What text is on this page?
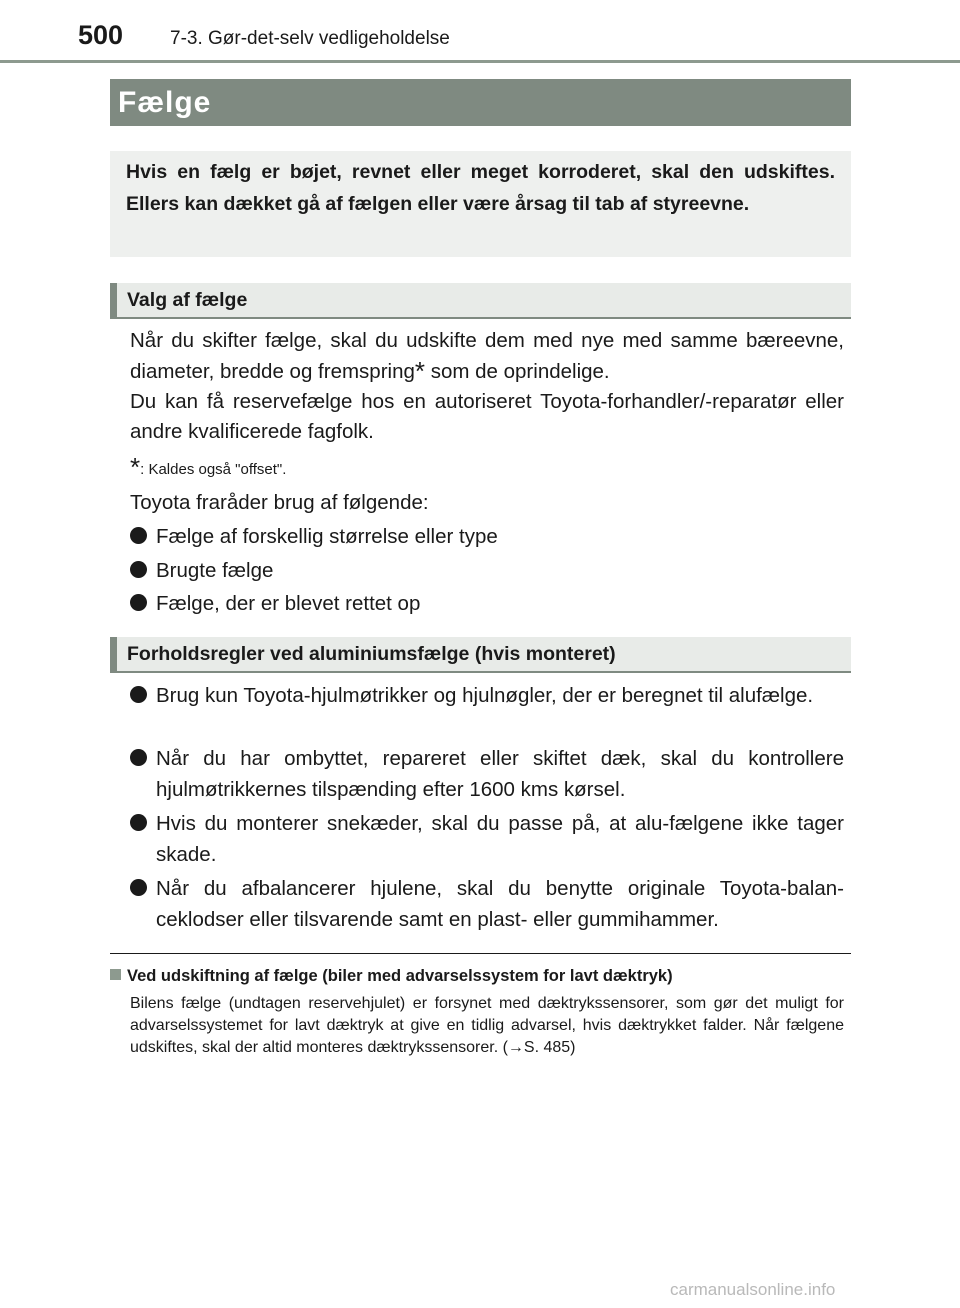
500 7-3. Gør-det-selv vedligeholdelse
Fælge
Hvis en fælg er bøjet, revnet eller meget korroderet, skal den udskiftes. Ellers kan dækket gå af fælgen eller være årsag til tab af styreevne.
Valg af fælge

Når du skifter fælge, skal du udskifte dem med nye med samme bæreevne, diameter, bredde og fremspring* som de oprindelige.
Du kan få reservefælge hos en autoriseret Toyota-forhandler/-reparatør eller andre kvalificerede fagfolk.

*: Kaldes også "offset".

Toyota fraråder brug af følgende:

Fælge af forskellig størrelse eller type
Brugte fælge
Fælge, der er blevet rettet op
Forholdsregler ved aluminiumsfælge (hvis monteret)
Brug kun Toyota-hjulmøtrikker og hjulnøgler, der er beregnet til alufælge.
Når du har ombyttet, repareret eller skiftet dæk, skal du kontrollere hjulmøtrikkernes tilspænding efter 1600 kms kørsel.
Hvis du monterer snekæder, skal du passe på, at alu-fælgene ikke tager skade.
Når du afbalancerer hjulene, skal du benytte originale Toyota-balanceklodser eller tilsvarende samt en plast- eller gummihammer.
Ved udskiftning af fælge (biler med advarselssystem for lavt dæktryk)
Bilens fælge (undtagen reservehjulet) er forsynet med dæktrykssensorer, som gør det muligt for advarselssystemet for lavt dæktryk at give en tidlig advarsel, hvis dæktrykket falder. Når fælgene udskiftes, skal der altid monteres dæktrykssensorer. (→S. 485)
carmanualsonline.info
